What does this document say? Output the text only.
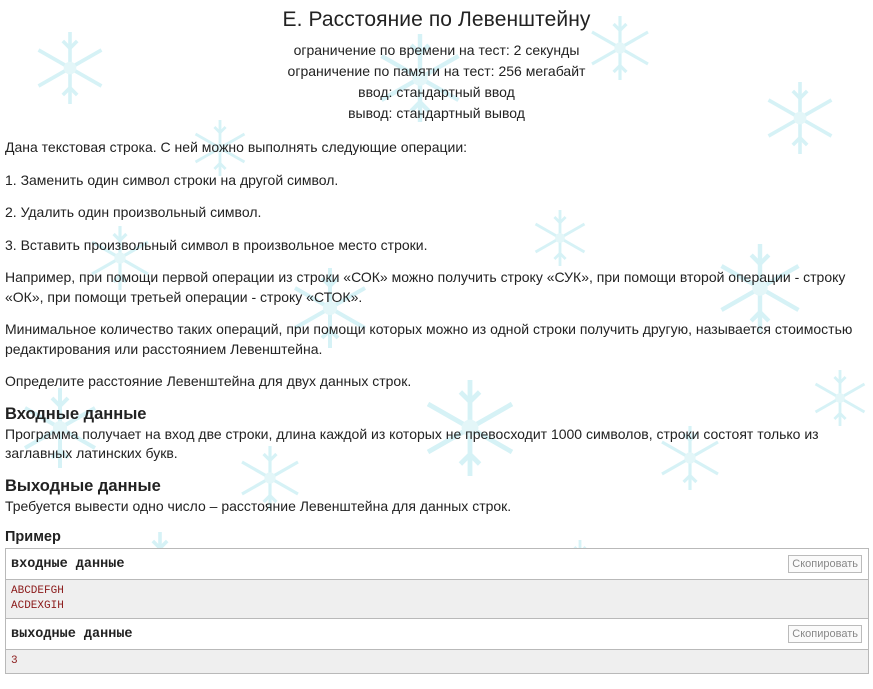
E. Расстояние по Левенштейну
ограничение по времени на тест: 2 секунды
ограничение по памяти на тест: 256 мегабайт
ввод: стандартный ввод
вывод: стандартный вывод

Дана текстовая строка. С ней можно выполнять следующие операции:

1. Заменить один символ строки на другой символ.

2. Удалить один произвольный символ.

3. Вставить произвольный символ в произвольное место строки.

Например, при помощи первой операции из строки «СОК» можно получить строку «СУК», при помощи второй операции - строку «ОК», при помощи третьей операции - строку «СТОК».

Минимальное количество таких операций, при помощи которых можно из одной строки получить другую, называется стоимостью редактирования или расстоянием Левенштейна.

Определите расстояние Левенштейна для двух данных строк.

Входные данные

Программа получает на вход две строки, длина каждой из которых не превосходит 1000 символов, строки состоят только из заглавных латинских букв.

Выходные данные

Требуется вывести одно число – расстояние Левенштейна для данных строк.

Пример
входные данные	Скопировать
ABCDEFGH
ACDEXGIH
выходные данные	Скопировать
3
